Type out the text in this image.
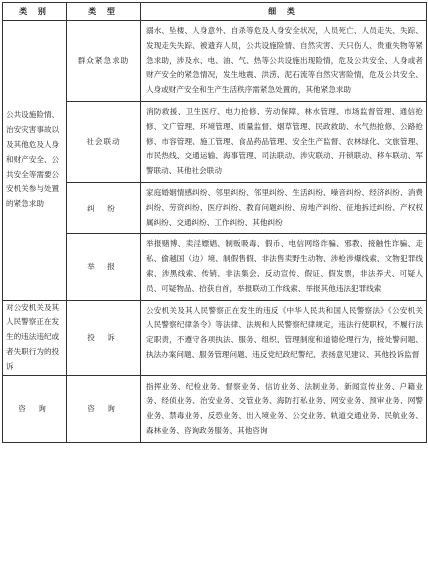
类 别	类 型	细 类
公共设施险情、治安灾害事故以及其他危及人身和财产安全、公共安全等需要公安机关参与处置的紧急求助	群众紧急求助	溺水、坠楼、人身意外、自杀等危及人身安全状况，人员死亡、人员走失、失踪、发现走失失踪、被遗弃人员，公共设施险情、自然灾害、天只伤人、贵重失物等紧急求助，涉及水、电、油、气、热等公共设施出现险情，危及公共安全、人身或者财产安全的紧急情况，发生地震、洪涝、泥石流等自然灾害险情，危及公共安全、人身或财产安全和生产生活秩序需紧急处置的，其他紧急求助
	社会联动	消防救援、卫生医疗、电力抢修、劳动保障、林水管理、市场监督管理、通信抢修、文广管理、环境管理、质量监督、烟草管理、民政救助、水气热抢修、公路抢修、市容管理、施工管理、食品药品管理、安全生产监督、农林绿化、文旅管理、市民热线、交通运输、海事管理、司法联动、涉灾联动、开锁联动、移车联动、军警联动、其他社会联动
	纠 纷	家庭婚姻情感纠纷、邻里纠纷、邻里纠纷、生活纠纷、噪音纠纷、经济纠纷、消费纠纷、劳资纠纷、医疗纠纷、教育问题纠纷、房地产纠纷、征地拆迁纠纷、产权权属纠纷、交通纠纷、工作纠纷、其他纠纷
	举 报	举报赌博、卖淫嫖娼、制贩吸毒、假币、电信网络诈骗、邪教、接触性诈骗、走私、偷越国（边）境、制假售假、非法售卖野生动物、涉枪涉爆线索、文物犯罪线索、涉黑线索、传销、非法集会、反动宣传、假证、假发票，非法养犬、可疑人员、可疑物品、拾获自首，举报联动工作线索、举报其他违法犯罪线索
对公安机关及其人民警察正在发生的违法违纪或者失职行为的投诉	投 诉	公安机关及其人民警察正在发生的违反《中华人民共和国人民警察法》《公安机关人民警察纪律条令》等法律、法规和人民警察纪律规定，违法行使职权，不履行法定职责，不遵守各项执法、服务、组织、管理制度和道德伦理行为，接处警问题、执法办案问题、服务管理问题、违反党纪政纪警纪、表扬意见建议、其他投诉监督
咨 询	咨 询	指挥业务、纪检业务、督察业务、信访业务、法制业务、新闻宣传业务、户籍业务、经侦业务、治安业务、交管业务、海防打私业务、网安业务、预审业务、网警业务、禁毒业务、反恐业务、出入境业务、公交业务、轨道交通业务、民航业务、森林业务、咨询政务服务、其他咨询
